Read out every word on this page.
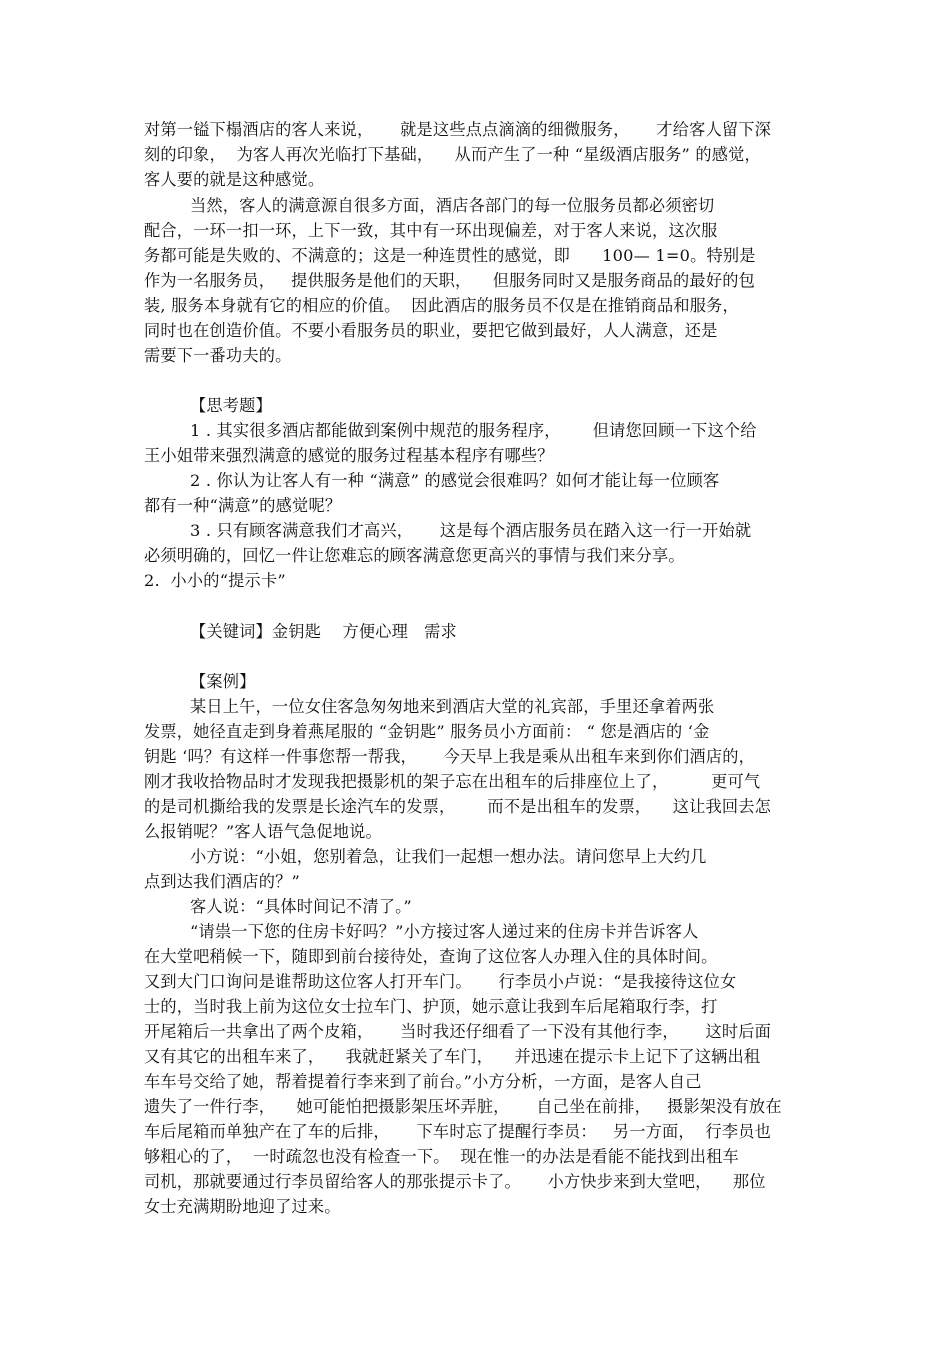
对第一镒下榻酒店的客人来说，     就是这些点点滴滴的细微服务，     才给客人留下深

刻的印象，  为客人再次光临打下基础，    从而产生了一种 “星级酒店服务” 的感觉，

客人要的就是这种感觉。

当然，客人的满意源自很多方面，酒店各部门的每一位服务员都必须密切

配合，一环一扣一环，上下一致，其中有一环出现偏差，对于客人来说，这次服

务都可能是失败的、不满意的；这是一种连贯性的感觉，即      100— 1=0。特别是

作为一名服务员，   提供服务是他们的天职，    但服务同时又是服务商品的最好的包

装, 服务本身就有它的相应的价值。  因此酒店的服务员不仅是在推销商品和服务，

同时也在创造价值。不要小看服务员的职业，要把它做到最好，人人满意，还是

需要下一番功夫的。

【思考题】

1 . 其实很多酒店都能做到案例中规范的服务程序，      但请您回顾一下这个给

王小姐带来强烈满意的感觉的服务过程基本程序有哪些？

2 . 你认为让客人有一种 “满意” 的感觉会很难吗？如何才能让每一位顾客

都有一种“满意”的感觉呢？

3 . 只有顾客满意我们才高兴，     这是每个酒店服务员在踏入这一行一开始就

必须明确的，回忆一件让您难忘的顾客满意您更高兴的事情与我们来分享。

2.  小小的“提示卡”

【关键词】金钥匙    方便心理   需求

【案例】

某日上午，一位女住客急匆匆地来到酒店大堂的礼宾部，手里还拿着两张

发票，她径直走到身着燕尾服的 “金钥匙” 服务员小方面前： “ 您是酒店的 ‘金

钥匙 ‘吗？有这样一件事您帮一帮我，     今天早上我是乘从出租车来到你们酒店的，

刚才我收拾物品时才发现我把摄影机的架子忘在出租车的后排座位上了，        更可气

的是司机撕给我的发票是长途汽车的发票，      而不是出租车的发票，    这让我回去怎

么报销呢？”客人语气急促地说。

小方说：“小姐，您别着急，让我们一起想一想办法。请问您早上大约几

点到达我们酒店的？”

客人说：“具体时间记不清了。”

“请祟一下您的住房卡好吗？”小方接过客人递过来的住房卡并告诉客人

在大堂吧稍候一下，随即到前台接待处，查询了这位客人办理入住的具体时间。

又到大门口询问是谁帮助这位客人打开车门。     行李员小卢说：“是我接待这位女

士的，当时我上前为这位女士拉车门、护顶，她示意让我到车后尾箱取行李，打

开尾箱后一共拿出了两个皮箱，     当时我还仔细看了一下没有其他行李，     这时后面

又有其它的出租车来了，    我就赶紧关了车门，    并迅速在提示卡上记下了这辆出租

车车号交给了她，帮着提着行李来到了前台。”小方分析，一方面，是客人自己

遗失了一件行李，    她可能怕把摄影架压坏弄脏，     自己坐在前排，   摄影架没有放在

车后尾箱而单独产在了车的后排，     下车时忘了提醒行李员：   另一方面，  行李员也

够粗心的了，  一时疏忽也没有检查一下。  现在惟一的办法是看能不能找到出租车

司机，那就要通过行李员留给客人的那张提示卡了。     小方快步来到大堂吧，    那位

女士充满期盼地迎了过来。
